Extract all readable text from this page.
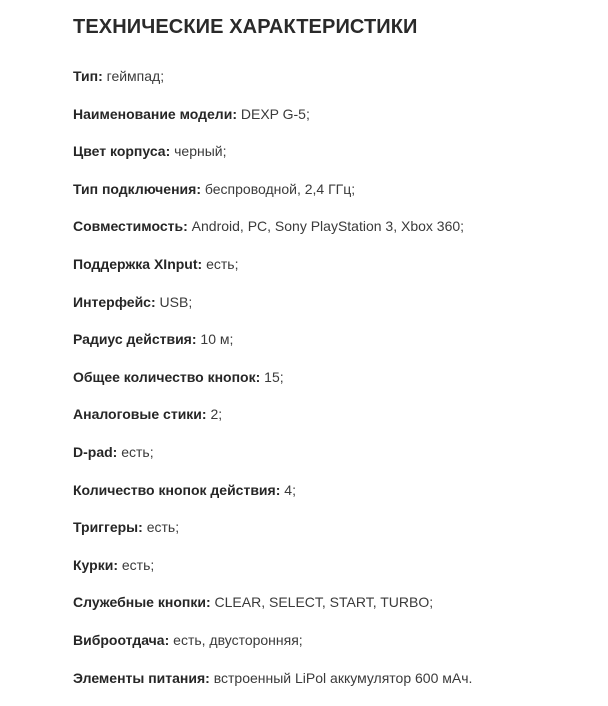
ТЕХНИЧЕСКИЕ ХАРАКТЕРИСТИКИ
Тип: геймпад;
Наименование модели: DEXP G-5;
Цвет корпуса: черный;
Тип подключения: беспроводной, 2,4 ГГц;
Совместимость: Android, PC, Sony PlayStation 3, Xbox 360;
Поддержка XInput: есть;
Интерфейс: USB;
Радиус действия: 10 м;
Общее количество кнопок: 15;
Аналоговые стики: 2;
D-pad: есть;
Количество кнопок действия: 4;
Триггеры: есть;
Курки: есть;
Служебные кнопки: CLEAR, SELECT, START, TURBO;
Виброотдача: есть, двусторонняя;
Элементы питания: встроенный LiPol аккумулятор 600 мАч.
